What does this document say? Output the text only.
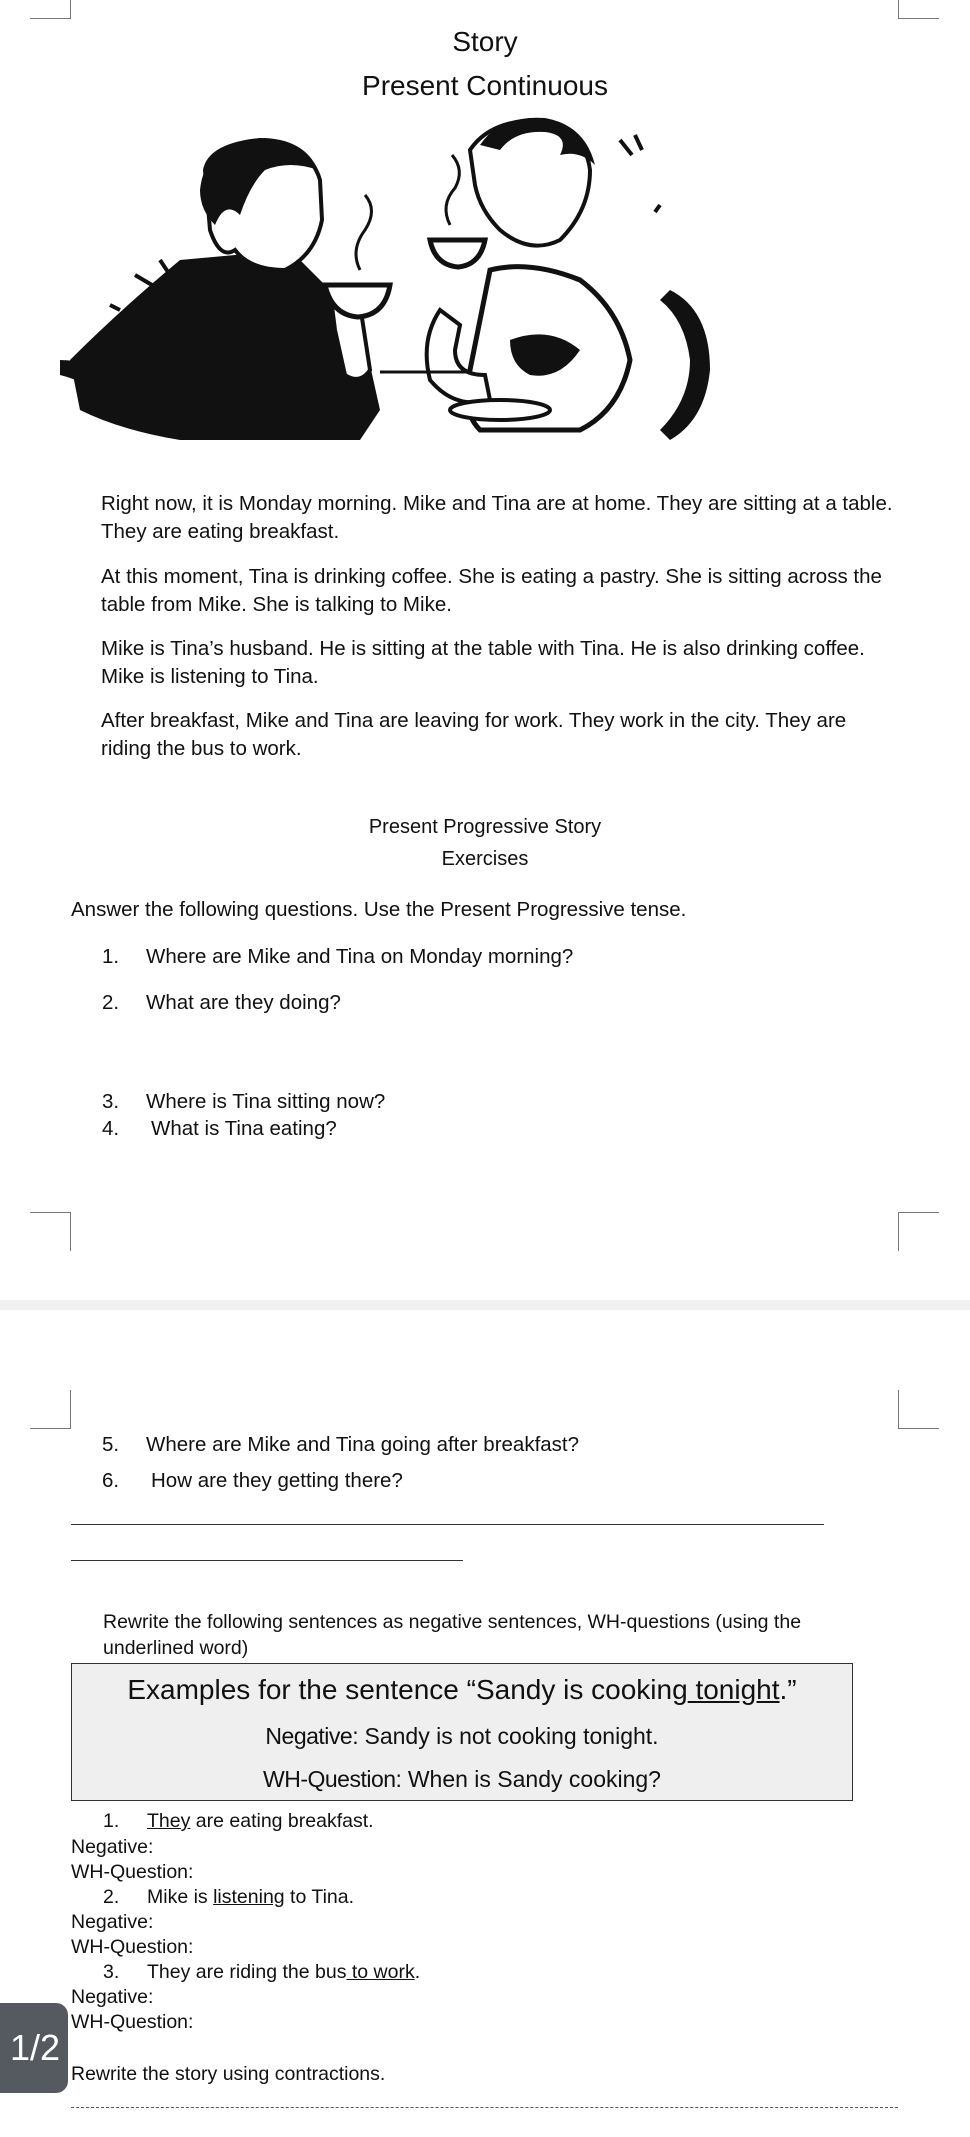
Story
Present Continuous
Right now, it is Monday morning. Mike and Tina are at home. They are sitting at a table. They are eating breakfast.
At this moment, Tina is drinking coffee. She is eating a pastry. She is sitting across the table from Mike. She is talking to Mike.
Mike is Tina’s husband. He is sitting at the table with Tina. He is also drinking coffee. Mike is listening to Tina.
After breakfast, Mike and Tina are leaving for work. They work in the city. They are riding the bus to work.
Present Progressive Story
Exercises
Answer the following questions. Use the Present Progressive tense.
1. Where are Mike and Tina on Monday morning?
2. What are they doing?
3. Where is Tina sitting now?
4. What is Tina eating?
5. Where are Mike and Tina going after breakfast?
6. How are they getting there?
Rewrite the following sentences as negative sentences, WH-questions (using the underlined word)
Examples for the sentence “Sandy is cooking tonight.”
Negative: Sandy is not cooking tonight.
WH-Question: When is Sandy cooking?
1. They are eating breakfast.
Negative:
WH-Question:
2. Mike is listening to Tina.
Negative:
WH-Question:
3. They are riding the bus to work.
Negative:
WH-Question:
Rewrite the story using contractions.
1/2
